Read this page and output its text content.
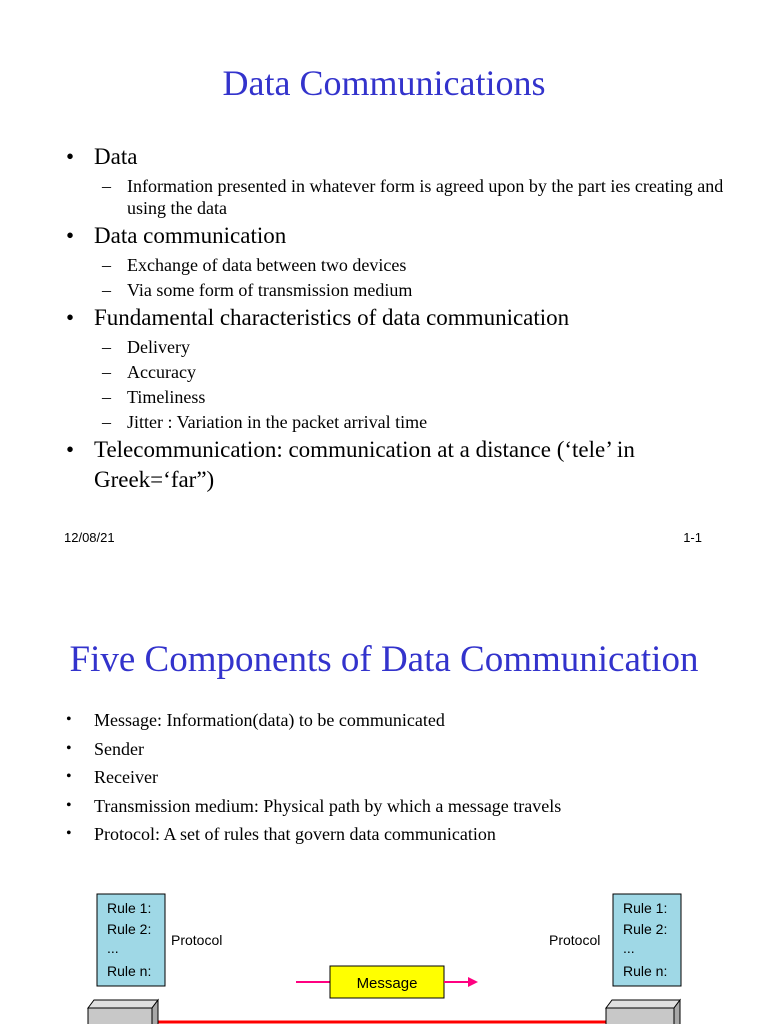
Data Communications
• Data
– Information presented in whatever form is agreed upon by the part ies creating and using the data
• Data communication
– Exchange of data between two devices
– Via some form of transmission medium
• Fundamental characteristics of data communication
– Delivery
– Accuracy
– Timeliness
– Jitter : Variation in the packet arrival time
• Telecommunication: communication at a distance (‘tele’ in Greek=‘far”)
12/08/21	1-1
Five Components of Data Communication
• Message: Information(data) to be communicated
• Sender
• Receiver
• Transmission medium: Physical path by which a message travels
• Protocol: A set of rules that govern data communication
Rule 1:
Rule 2:
...
Rule n:
Protocol
Rule 1:
Rule 2:
...
Rule n:
Protocol
Message
